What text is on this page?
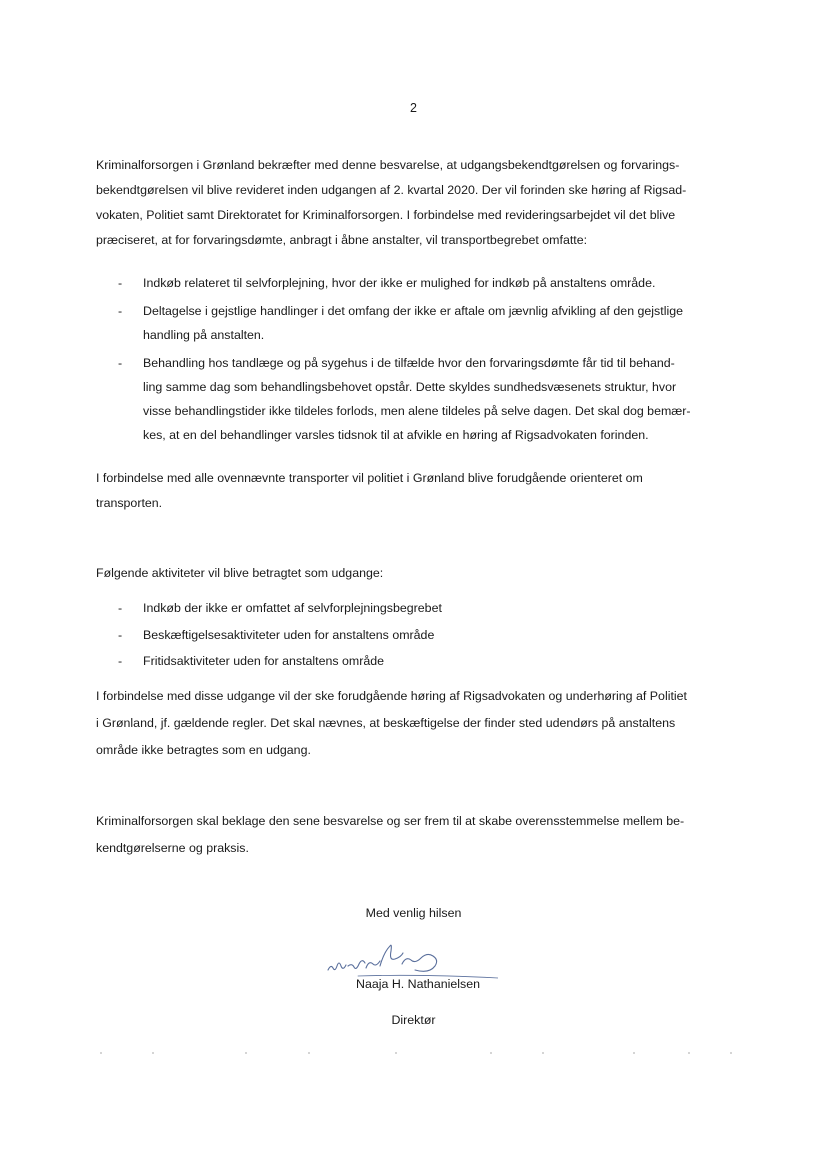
2

Kriminalforsorgen i Grønland bekræfter med denne besvarelse, at udgangsbekendtgørelsen og forvarings-
bekendtgørelsen vil blive revideret inden udgangen af 2. kvartal 2020. Der vil forinden ske høring af Rigsad-
vokaten, Politiet samt Direktoratet for Kriminalforsorgen. I forbindelse med revideringsarbejdet vil det blive
præciseret, at for forvaringsdømte, anbragt i åbne anstalter, vil transportbegrebet omfatte:

- Indkøb relateret til selvforplejning, hvor der ikke er mulighed for indkøb på anstaltens område.
- Deltagelse i gejstlige handlinger i det omfang der ikke er aftale om jævnlig afvikling af den gejstlige
handling på anstalten.
- Behandling hos tandlæge og på sygehus i de tilfælde hvor den forvaringsdømte får tid til behand-
ling samme dag som behandlingsbehovet opstår. Dette skyldes sundhedsvæsenets struktur, hvor
visse behandlingstider ikke tildeles forlods, men alene tildeles på selve dagen. Det skal dog bemær-
kes, at en del behandlinger varsles tidsnok til at afvikle en høring af Rigsadvokaten forinden.

I forbindelse med alle ovennævnte transporter vil politiet i Grønland blive forudgående orienteret om
transporten.

Følgende aktiviteter vil blive betragtet som udgange:

- Indkøb der ikke er omfattet af selvforplejningsbegrebet
- Beskæftigelsesaktiviteter uden for anstaltens område
- Fritidsaktiviteter uden for anstaltens område

I forbindelse med disse udgange vil der ske forudgående høring af Rigsadvokaten og underhøring af Politiet
i Grønland, jf. gældende regler. Det skal nævnes, at beskæftigelse der finder sted udendørs på anstaltens
område ikke betragtes som en udgang.

Kriminalforsorgen skal beklage den sene besvarelse og ser frem til at skabe overensstemmelse mellem be-
kendtgørelserne og praksis.

Med venlig hilsen

Naaja H. Nathanielsen

Direktør
